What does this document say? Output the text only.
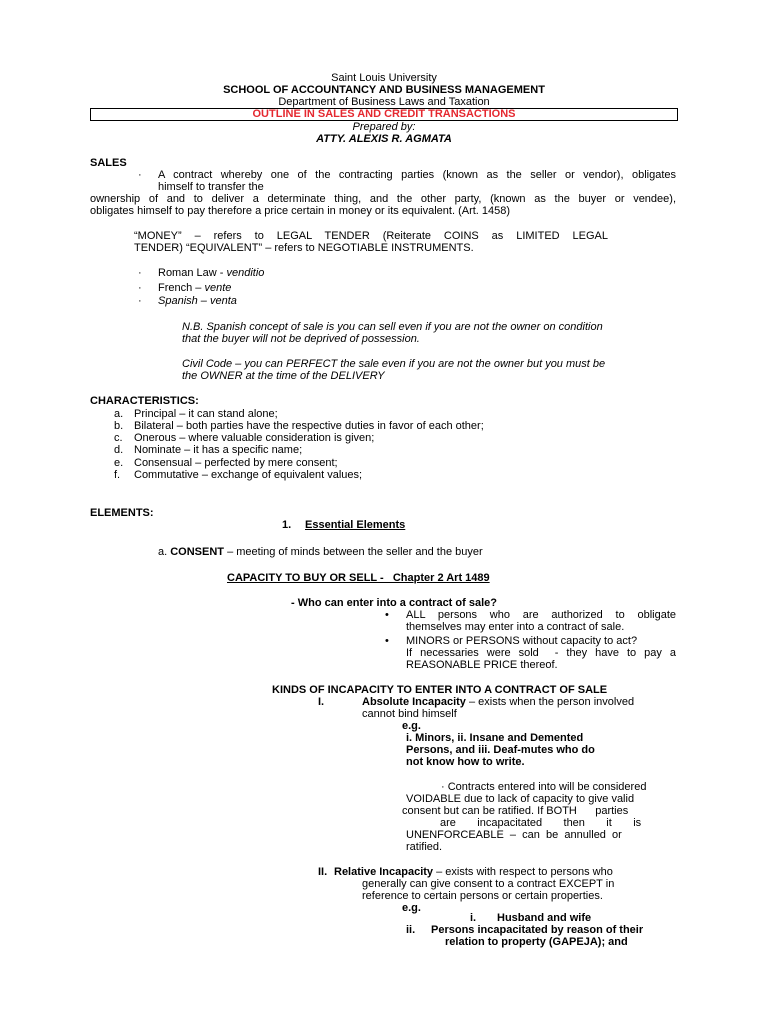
Saint Louis University
SCHOOL OF ACCOUNTANCY AND BUSINESS MANAGEMENT
Department of Business Laws and Taxation
OUTLINE IN SALES AND CREDIT TRANSACTIONS
Prepared by:
ATTY. ALEXIS R. AGMATA
SALES
· A contract whereby one of the contracting parties (known as the seller or vendor), obligates
himself to transfer the
ownership of and to deliver a determinate thing, and the other party, (known as the buyer or vendee),
obligates himself to pay therefore a price certain in money or its equivalent. (Art. 1458)
“MONEY” – refers to LEGAL TENDER (Reiterate COINS as LIMITED LEGAL
TENDER) “EQUIVALENT” – refers to NEGOTIABLE INSTRUMENTS.
· Roman Law - venditio
· French – vente
· Spanish – venta
N.B. Spanish concept of sale is you can sell even if you are not the owner on condition
that the buyer will not be deprived of possession.
Civil Code – you can PERFECT the sale even if you are not the owner but you must be
the OWNER at the time of the DELIVERY
CHARACTERISTICS:
a. Principal – it can stand alone;
b. Bilateral – both parties have the respective duties in favor of each other;
c. Onerous – where valuable consideration is given;
d. Nominate – it has a specific name;
e. Consensual – perfected by mere consent;
f. Commutative – exchange of equivalent values;
ELEMENTS:
1. Essential Elements
a. CONSENT – meeting of minds between the seller and the buyer
CAPACITY TO BUY OR SELL -   Chapter 2 Art 1489
- Who can enter into a contract of sale?
• ALL persons who are authorized to obligate
themselves may enter into a contract of sale.
• MINORS or PERSONS without capacity to act?
If necessaries were sold  - they have to pay a
REASONABLE PRICE thereof.
KINDS OF INCAPACITY TO ENTER INTO A CONTRACT OF SALE
I.	Absolute Incapacity – exists when the person involved
cannot bind himself
e.g.
i. Minors, ii. Insane and Demented
Persons, and iii. Deaf-mutes who do
not know how to write.
· Contracts entered into will be considered
VOIDABLE due to lack of capacity to give valid
consent but can be ratified. If BOTH      parties
are       incapacitated       then       it       is
UNENFORCEABLE  –  can  be  annulled  or
ratified.
II. Relative Incapacity – exists with respect to persons who
generally can give consent to a contract EXCEPT in
reference to certain persons or certain properties.
e.g.
i. Husband and wife
ii. Persons incapacitated by reason of their
relation to property (GAPEJA); and
